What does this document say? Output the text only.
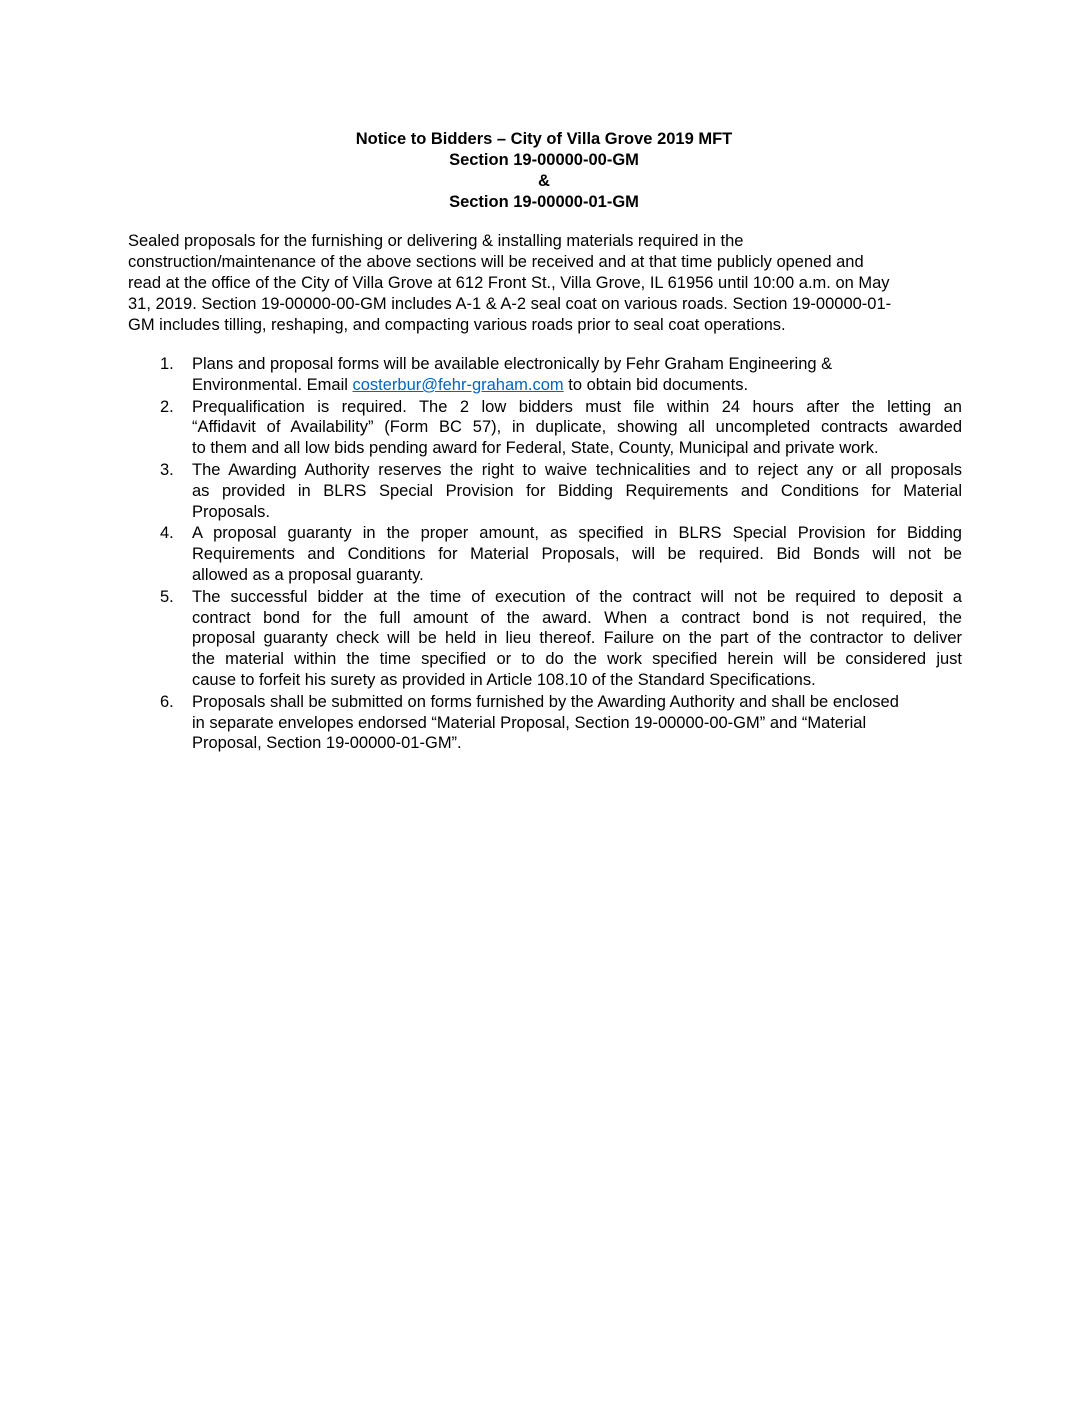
Notice to Bidders – City of Villa Grove 2019 MFT
Section 19-00000-00-GM
&
Section 19-00000-01-GM
Sealed proposals for the furnishing or delivering & installing materials required in the
construction/maintenance of the above sections will be received and at that time publicly opened and
read at the office of the City of Villa Grove at 612 Front St., Villa Grove, IL 61956 until 10:00 a.m. on May
31, 2019. Section 19-00000-00-GM includes A-1 & A-2 seal coat on various roads. Section 19-00000-01-
GM includes tilling, reshaping, and compacting various roads prior to seal coat operations.
1. Plans and proposal forms will be available electronically by Fehr Graham Engineering &
Environmental. Email costerbur@fehr-graham.com to obtain bid documents.
2. Prequalification is required. The 2 low bidders must file within 24 hours after the letting an
“Affidavit of Availability” (Form BC 57), in duplicate, showing all uncompleted contracts awarded
to them and all low bids pending award for Federal, State, County, Municipal and private work.
3. The Awarding Authority reserves the right to waive technicalities and to reject any or all proposals
as provided in BLRS Special Provision for Bidding Requirements and Conditions for Material
Proposals.
4. A proposal guaranty in the proper amount, as specified in BLRS Special Provision for Bidding
Requirements and Conditions for Material Proposals, will be required. Bid Bonds will not be
allowed as a proposal guaranty.
5. The successful bidder at the time of execution of the contract will not be required to deposit a
contract bond for the full amount of the award. When a contract bond is not required, the
proposal guaranty check will be held in lieu thereof. Failure on the part of the contractor to deliver
the material within the time specified or to do the work specified herein will be considered just
cause to forfeit his surety as provided in Article 108.10 of the Standard Specifications.
6. Proposals shall be submitted on forms furnished by the Awarding Authority and shall be enclosed
in separate envelopes endorsed “Material Proposal, Section 19-00000-00-GM” and “Material
Proposal, Section 19-00000-01-GM”.
